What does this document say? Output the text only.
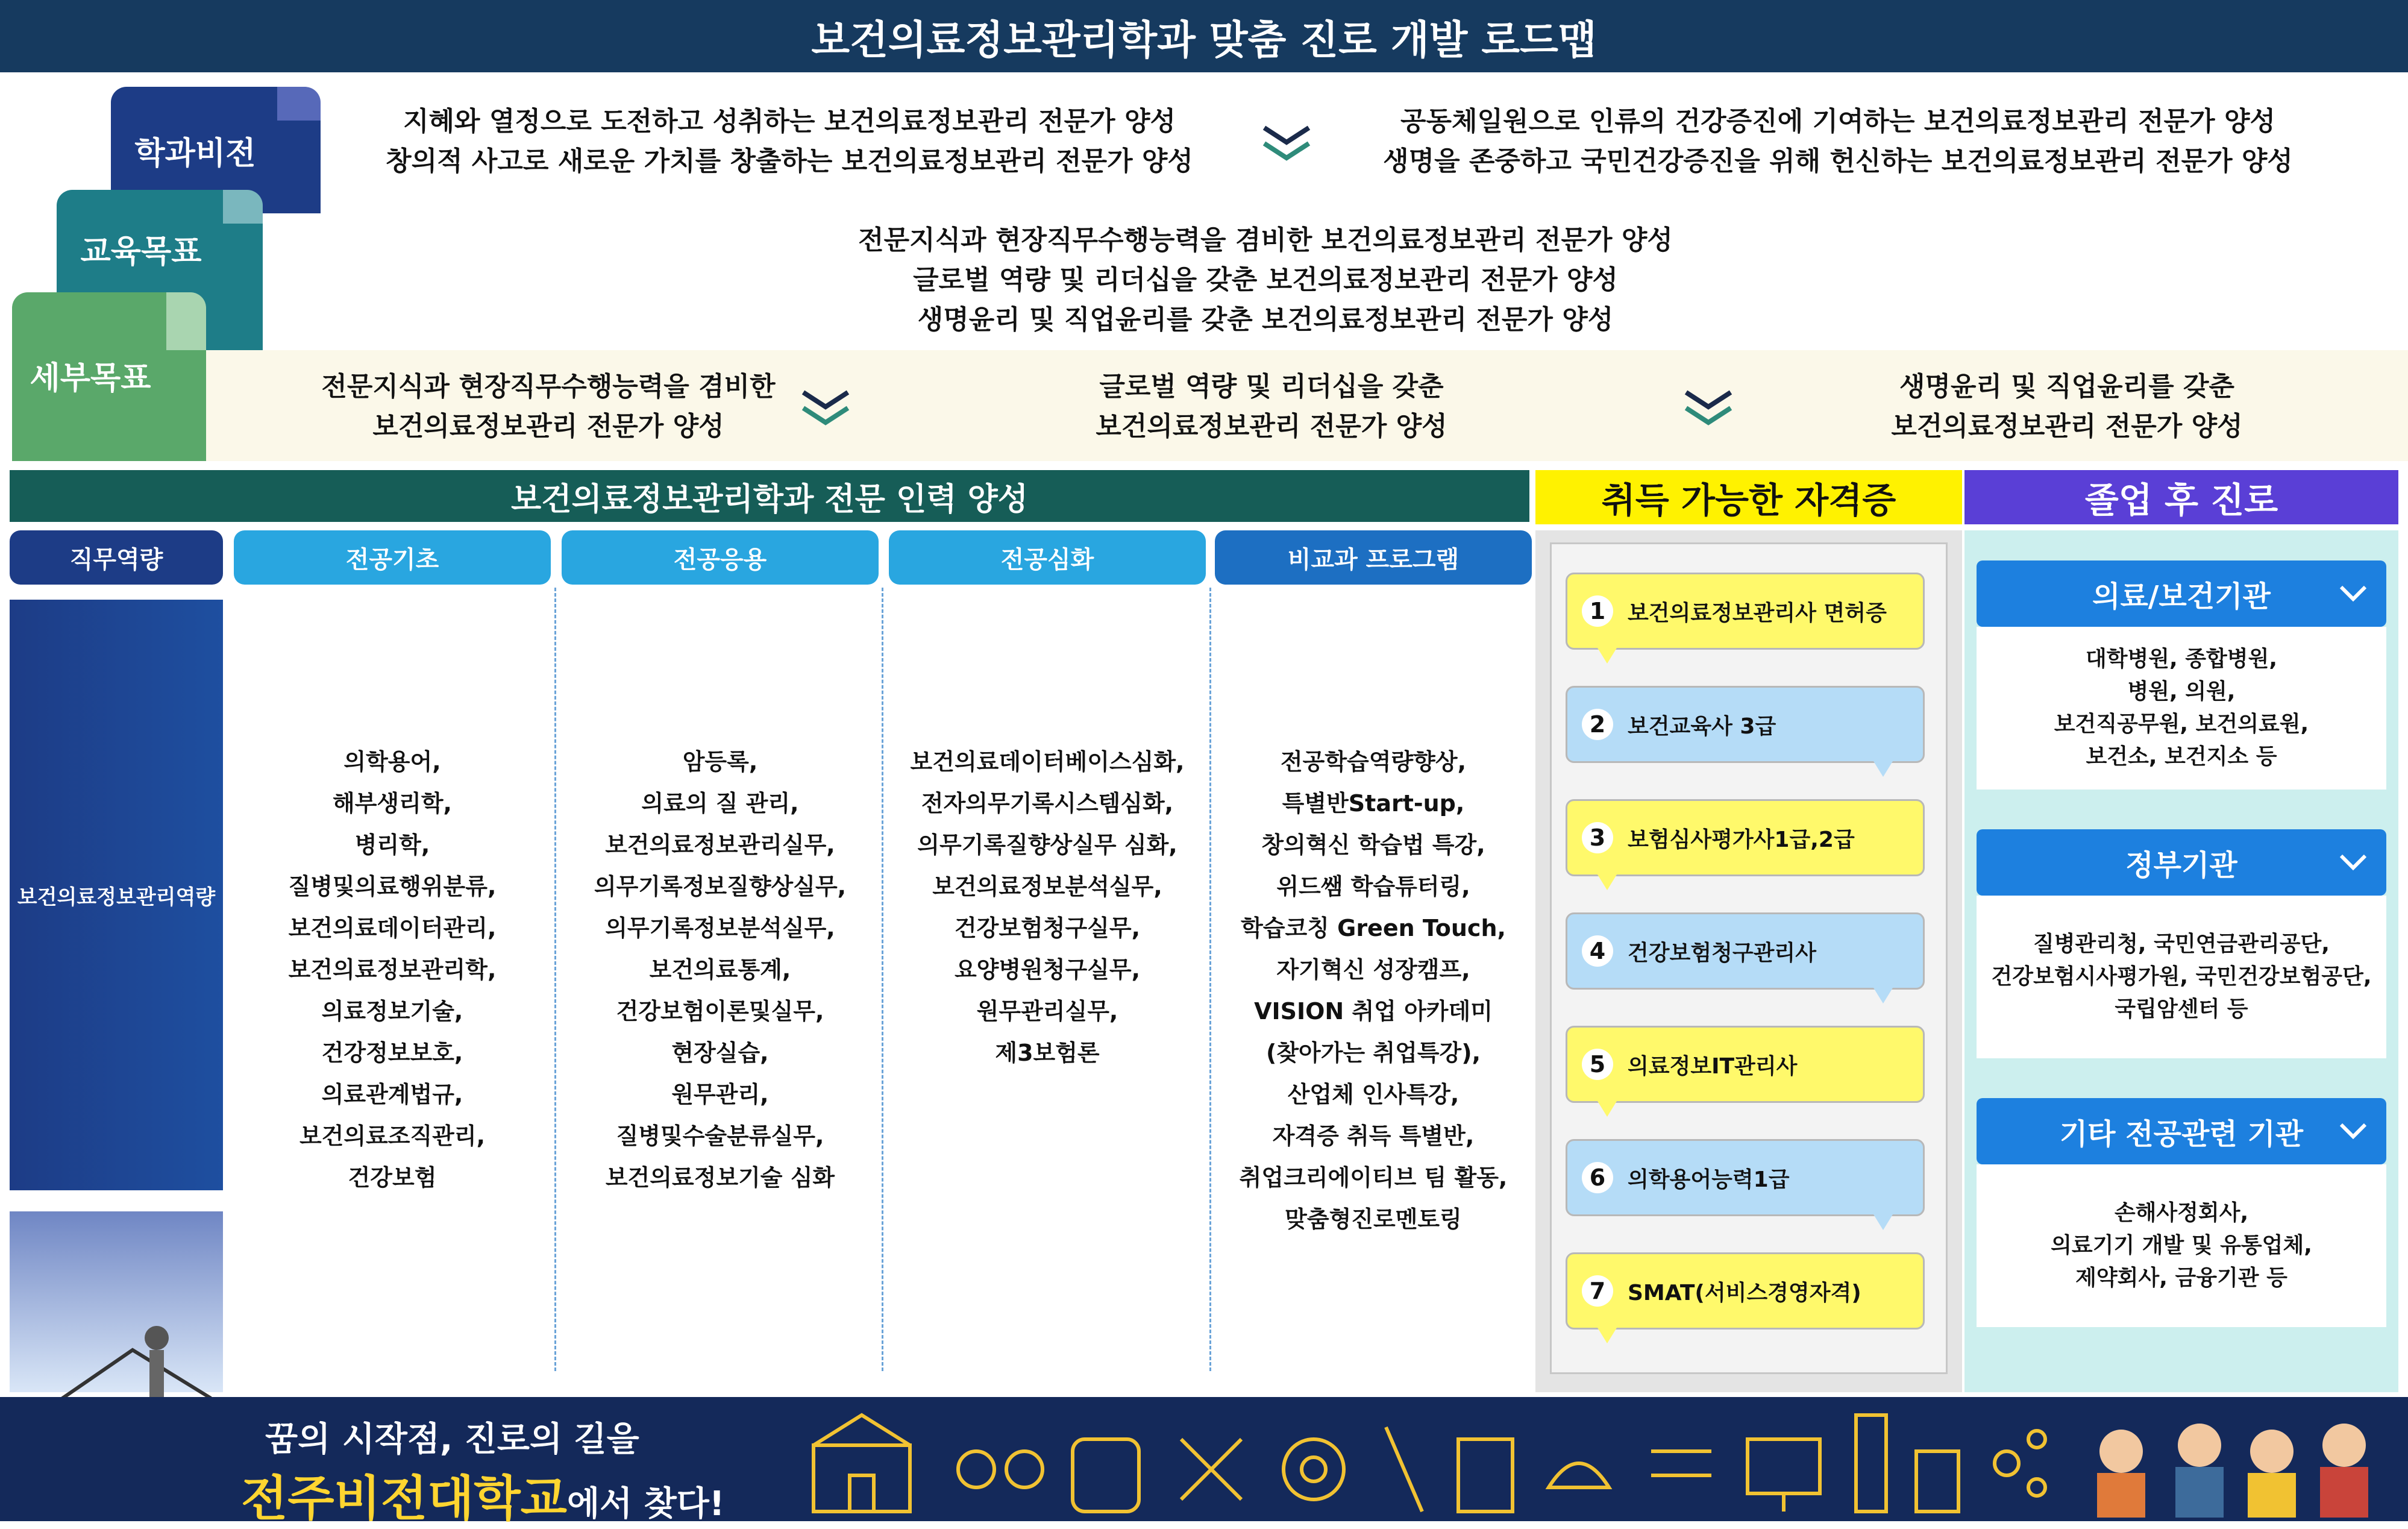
보건의료정보관리학과 맞춤 진로 개발 로드맵
학과비전
지혜와 열정으로 도전하고 성취하는 보건의료정보관리 전문가 양성
창의적 사고로 새로운 가치를 창출하는 보건의료정보관리 전문가 양성
공동체일원으로 인류의 건강증진에 기여하는 보건의료정보관리 전문가 양성
생명을 존중하고 국민건강증진을 위해 헌신하는 보건의료정보관리 전문가 양성
교육목표	전문지식과 현장직무수행능력을 겸비한 보건의료정보관리 전문가 양성
글로벌 역량 및 리더십을 갖춘 보건의료정보관리 전문가 양성
생명윤리 및 직업윤리를 갖춘 보건의료정보관리 전문가 양성
세부목표	전문지식과 현장직무수행능력을 겸비한
보건의료정보관리 전문가 양성
글로벌 역량 및 리더십을 갖춘
보건의료정보관리 전문가 양성
생명윤리 및 직업윤리를 갖춘
보건의료정보관리 전문가 양성
보건의료정보관리학과 전문 인력 양성
직무역량	전공기초	전공응용	전공심화	비교과 프로그램
보건의료정보관리역량
의학용어,
해부생리학,
병리학,
질병및의료행위분류,
보건의료데이터관리,
보건의료정보관리학,
의료정보기술,
건강정보보호,
의료관계법규,
보건의료조직관리,
건강보험
암등록,
의료의 질 관리,
보건의료정보관리실무,
의무기록정보질향상실무,
의무기록정보분석실무,
보건의료통계,
건강보험이론및실무,
현장실습,
원무관리,
질병및수술분류실무,
보건의료정보기술 심화
보건의료데이터베이스심화,
전자의무기록시스템심화,
의무기록질향상실무 심화,
보건의료정보분석실무,
건강보험청구실무,
요양병원청구실무,
원무관리실무,
제3보험론
전공학습역량향상,
특별반Start-up,
창의혁신 학습법 특강,
위드쌤 학습튜터링,
학습코칭 Green Touch,
자기혁신 성장캠프,
VISION 취업 아카데미
(찾아가는 취업특강),
산업체 인사특강,
자격증 취득 특별반,
취업크리에이티브 팀 활동,
맞춤형진로멘토링
취득 가능한 자격증
1	보건의료정보관리사 면허증
2	보건교육사 3급
3	보험심사평가사1급,2급
4	건강보험청구관리사
5	의료정보IT관리사
6	의학용어능력1급
7	SMAT(서비스경영자격)
졸업 후 진로
의료/보건기관
대학병원, 종합병원,
병원, 의원,
보건직공무원, 보건의료원,
보건소, 보건지소 등
정부기관
질병관리청, 국민연금관리공단,
건강보험시사평가원, 국민건강보험공단,
국립암센터 등
기타 전공관련 기관
손해사정회사,
의료기기 개발 및 유통업체,
제약회사, 금융기관 등
꿈의 시작점, 진로의 길을
전주비전대학교에서 찾다!
